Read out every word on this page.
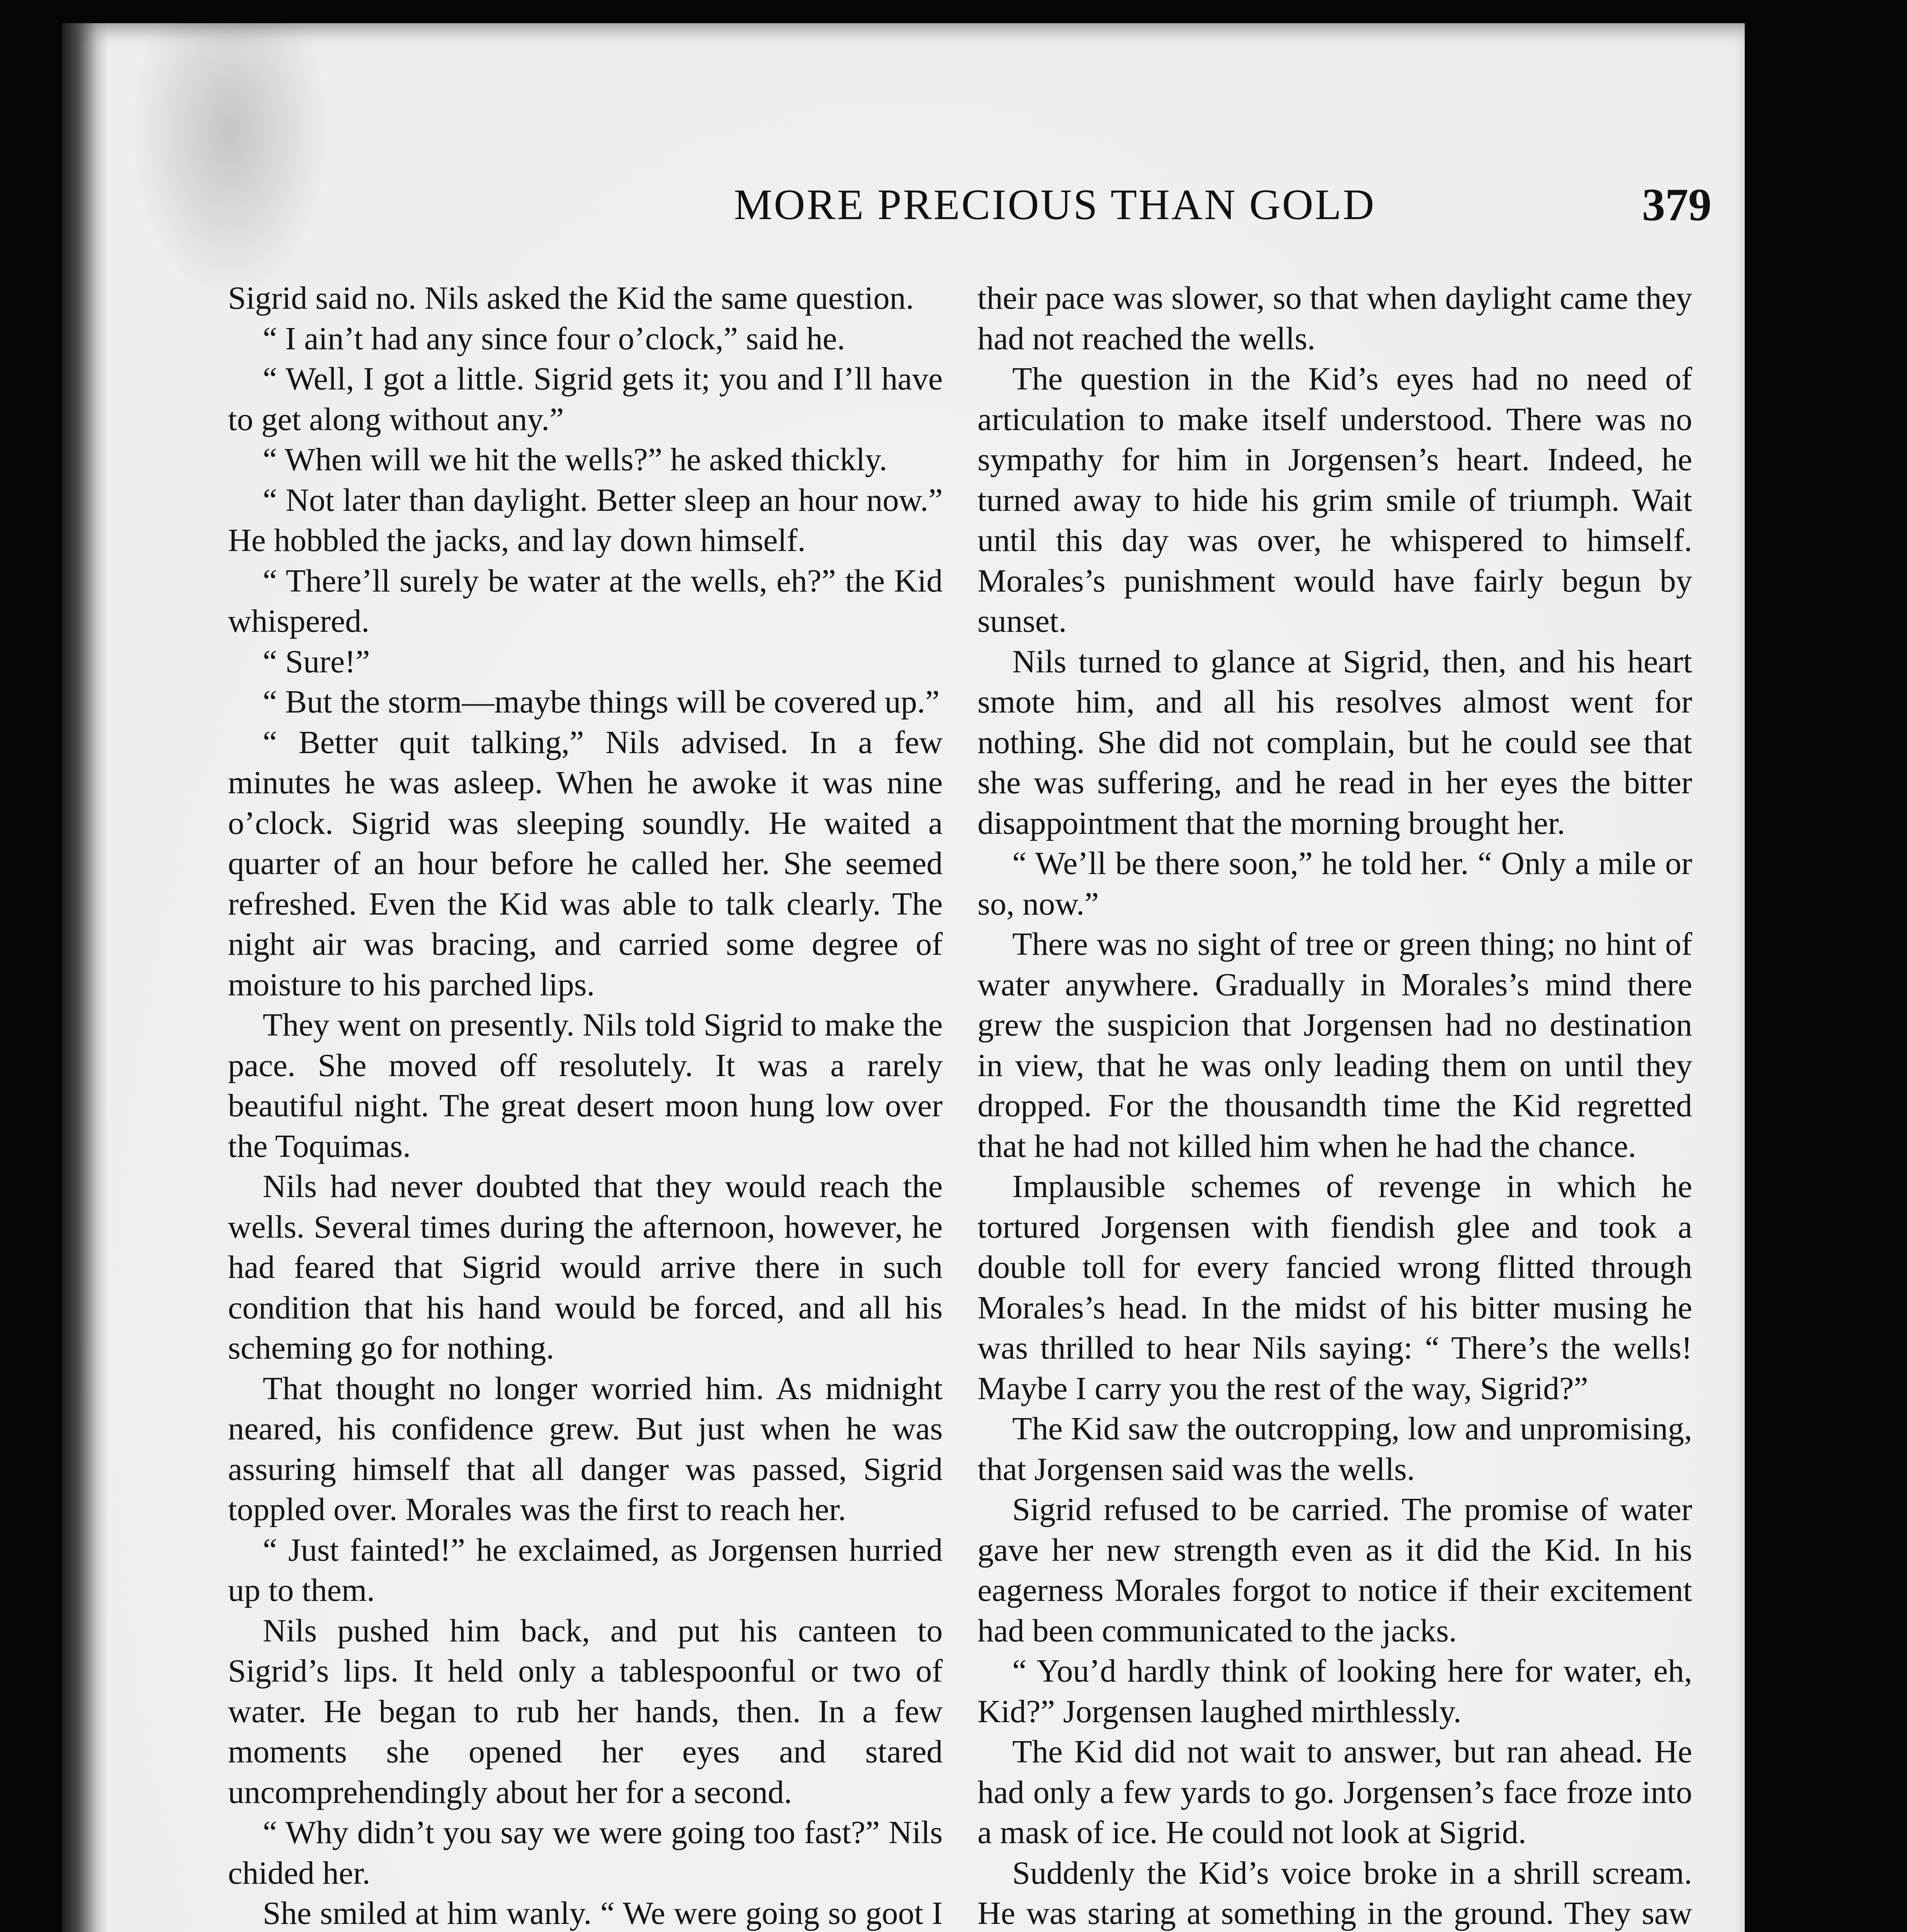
MORE PRECIOUS THAN GOLD	379

Sigrid said no. Nils asked the Kid the same question.

“ I ain’t had any since four o’clock,” said he.

“ Well, I got a little. Sigrid gets it; you and I’ll have to get along without any.”

“ When will we hit the wells?” he asked thickly.

“ Not later than daylight. Better sleep an hour now.” He hobbled the jacks, and lay down himself.

“ There’ll surely be water at the wells, eh?” the Kid whispered.

“ Sure!”

“ But the storm—maybe things will be covered up.”

“ Better quit talking,” Nils advised. In a few minutes he was asleep. When he awoke it was nine o’clock. Sigrid was sleeping soundly. He waited a quarter of an hour before he called her. She seemed refreshed. Even the Kid was able to talk clearly. The night air was bracing, and carried some degree of moisture to his parched lips.

They went on presently. Nils told Sigrid to make the pace. She moved off resolutely. It was a rarely beautiful night. The great desert moon hung low over the Toquimas.

Nils had never doubted that they would reach the wells. Several times during the afternoon, however, he had feared that Sigrid would arrive there in such condition that his hand would be forced, and all his scheming go for nothing.

That thought no longer worried him. As midnight neared, his confidence grew. But just when he was assuring himself that all danger was passed, Sigrid toppled over. Morales was the first to reach her.

“ Just fainted!” he exclaimed, as Jorgensen hurried up to them.

Nils pushed him back, and put his canteen to Sigrid’s lips. It held only a tablespoonful or two of water. He began to rub her hands, then. In a few moments she opened her eyes and stared uncomprehendingly about her for a second.

“ Why didn’t you say we were going too fast?” Nils chided her.

She smiled at him wanly. “ We were going so goot I

their pace was slower, so that when daylight came they had not reached the wells.

The question in the Kid’s eyes had no need of articulation to make itself understood. There was no sympathy for him in Jorgensen’s heart. Indeed, he turned away to hide his grim smile of triumph. Wait until this day was over, he whispered to himself. Morales’s punishment would have fairly begun by sunset.

Nils turned to glance at Sigrid, then, and his heart smote him, and all his resolves almost went for nothing. She did not complain, but he could see that she was suffering, and he read in her eyes the bitter disappointment that the morning brought her.

“ We’ll be there soon,” he told her. “ Only a mile or so, now.”

There was no sight of tree or green thing; no hint of water anywhere. Gradually in Morales’s mind there grew the suspicion that Jorgensen had no destination in view, that he was only leading them on until they dropped. For the thousandth time the Kid regretted that he had not killed him when he had the chance.

Implausible schemes of revenge in which he tortured Jorgensen with fiendish glee and took a double toll for every fancied wrong flitted through Morales’s head. In the midst of his bitter musing he was thrilled to hear Nils saying: “ There’s the wells! Maybe I carry you the rest of the way, Sigrid?”

The Kid saw the outcropping, low and unpromising, that Jorgensen said was the wells.

Sigrid refused to be carried. The promise of water gave her new strength even as it did the Kid. In his eagerness Morales forgot to notice if their excitement had been communicated to the jacks.

“ You’d hardly think of looking here for water, eh, Kid?” Jorgensen laughed mirthlessly.

The Kid did not wait to answer, but ran ahead. He had only a few yards to go. Jorgensen’s face froze into a mask of ice. He could not look at Sigrid.

Suddenly the Kid’s voice broke in a shrill scream. He was staring at something in the ground. They saw
